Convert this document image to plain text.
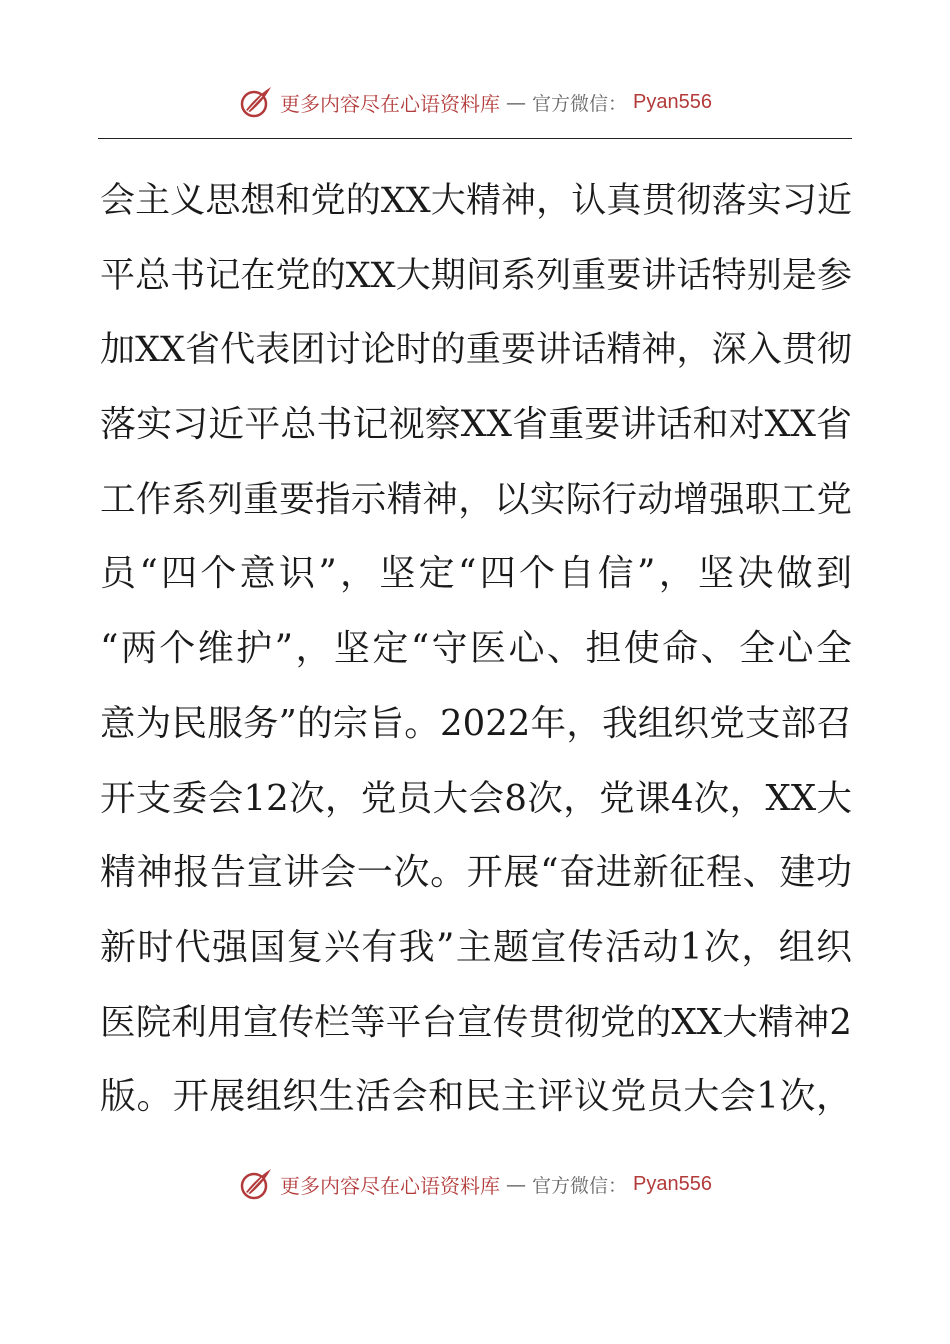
更多内容尽在心语资料库 — 官方微信： Pyan556
会主义思想和党的XX大精神，认真贯彻落实习近
平总书记在党的XX大期间系列重要讲话特别是参
加XX省代表团讨论时的重要讲话精神，深入贯彻
落实习近平总书记视察XX省重要讲话和对XX省
工作系列重要指示精神，以实际行动增强职工党
员“四个意识”，坚定“四个自信”，坚决做到
“两个维护”，坚定“守医心、担使命、全心全
意为民服务”的宗旨。2022年，我组织党支部召
开支委会12次，党员大会8次，党课4次，XX大
精神报告宣讲会一次。开展“奋进新征程、建功
新时代强国复兴有我”主题宣传活动1次，组织
医院利用宣传栏等平台宣传贯彻党的XX大精神2
版。开展组织生活会和民主评议党员大会1次，
更多内容尽在心语资料库 — 官方微信： Pyan556
